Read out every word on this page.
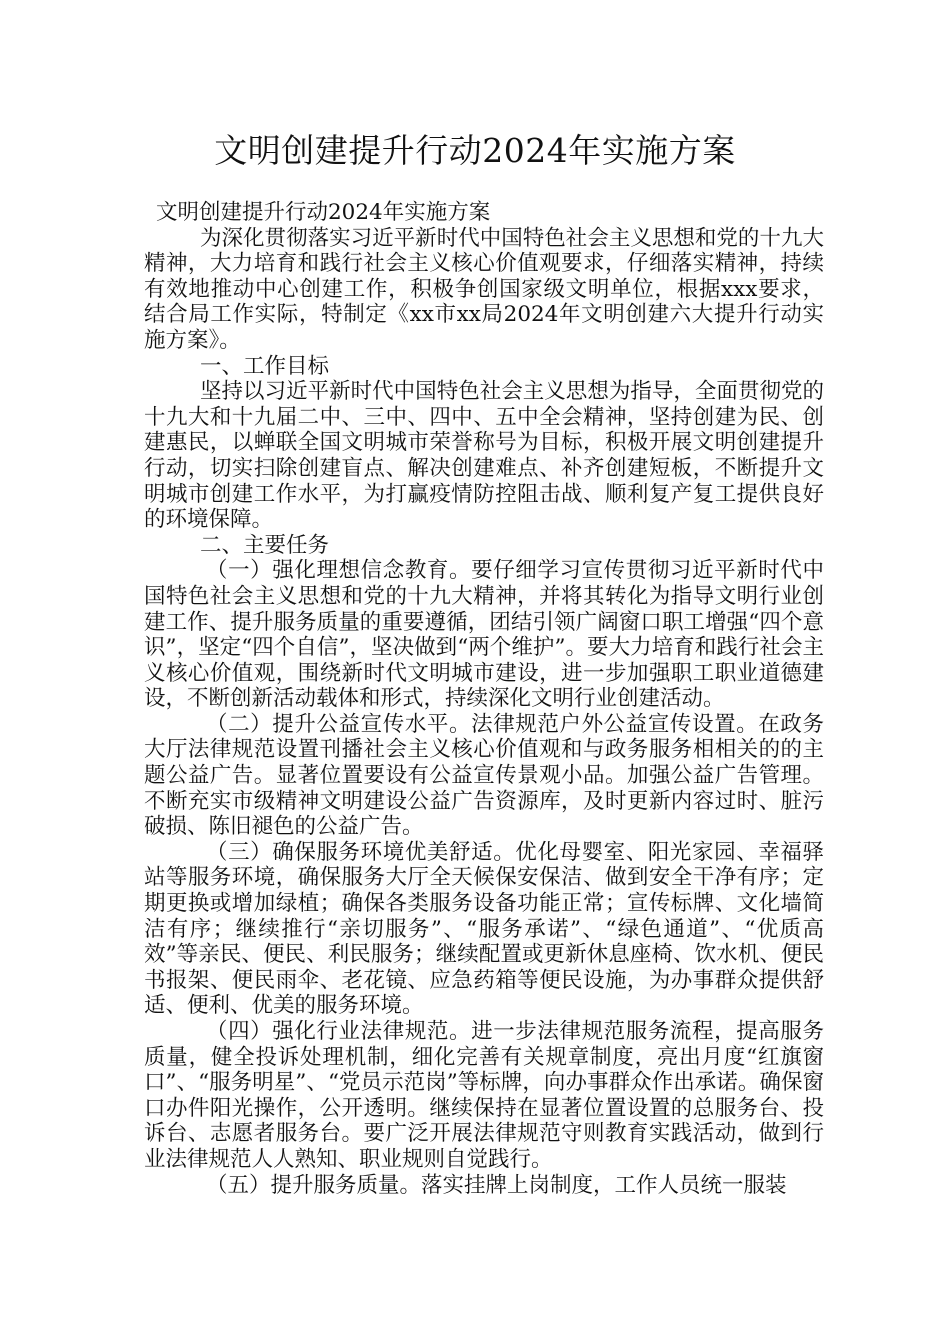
文明创建提升行动2024年实施方案

文明创建提升行动2024年实施方案

为深化贯彻落实习近平新时代中国特色社会主义思想和党的十九大精神，大力培育和践行社会主义核心价值观要求，仔细落实精神，持续有效地推动中心创建工作，积极争创国家级文明单位，根据xxx要求，结合局工作实际，特制定《xx市xx局2024年文明创建六大提升行动实施方案》。

一、工作目标

坚持以习近平新时代中国特色社会主义思想为指导，全面贯彻党的十九大和十九届二中、三中、四中、五中全会精神，坚持创建为民、创建惠民，以蝉联全国文明城市荣誉称号为目标，积极开展文明创建提升行动，切实扫除创建盲点、解决创建难点、补齐创建短板，不断提升文明城市创建工作水平，为打赢疫情防控阻击战、顺利复产复工提供良好的环境保障。

二、主要任务

（一）强化理想信念教育。要仔细学习宣传贯彻习近平新时代中国特色社会主义思想和党的十九大精神，并将其转化为指导文明行业创建工作、提升服务质量的重要遵循，团结引领广阔窗口职工增强“四个意识”，坚定“四个自信”，坚决做到“两个维护”。要大力培育和践行社会主义核心价值观，围绕新时代文明城市建设，进一步加强职工职业道德建设，不断创新活动载体和形式，持续深化文明行业创建活动。

（二）提升公益宣传水平。法律规范户外公益宣传设置。在政务大厅法律规范设置刊播社会主义核心价值观和与政务服务相相关的的主题公益广告。显著位置要设有公益宣传景观小品。加强公益广告管理。不断充实市级精神文明建设公益广告资源库，及时更新内容过时、脏污破损、陈旧褪色的公益广告。

（三）确保服务环境优美舒适。优化母婴室、阳光家园、幸福驿站等服务环境，确保服务大厅全天候保安保洁、做到安全干净有序；定期更换或增加绿植；确保各类服务设备功能正常；宣传标牌、文化墙简洁有序；继续推行“亲切服务”、“服务承诺”、“绿色通道”、“优质高效”等亲民、便民、利民服务；继续配置或更新休息座椅、饮水机、便民书报架、便民雨伞、老花镜、应急药箱等便民设施，为办事群众提供舒适、便利、优美的服务环境。

（四）强化行业法律规范。进一步法律规范服务流程，提高服务质量，健全投诉处理机制，细化完善有关规章制度，亮出月度“红旗窗口”、“服务明星”、“党员示范岗”等标牌，向办事群众作出承诺。确保窗口办件阳光操作，公开透明。继续保持在显著位置设置的总服务台、投诉台、志愿者服务台。要广泛开展法律规范守则教育实践活动，做到行业法律规范人人熟知、职业规则自觉践行。

（五）提升服务质量。落实挂牌上岗制度，工作人员统一服装
